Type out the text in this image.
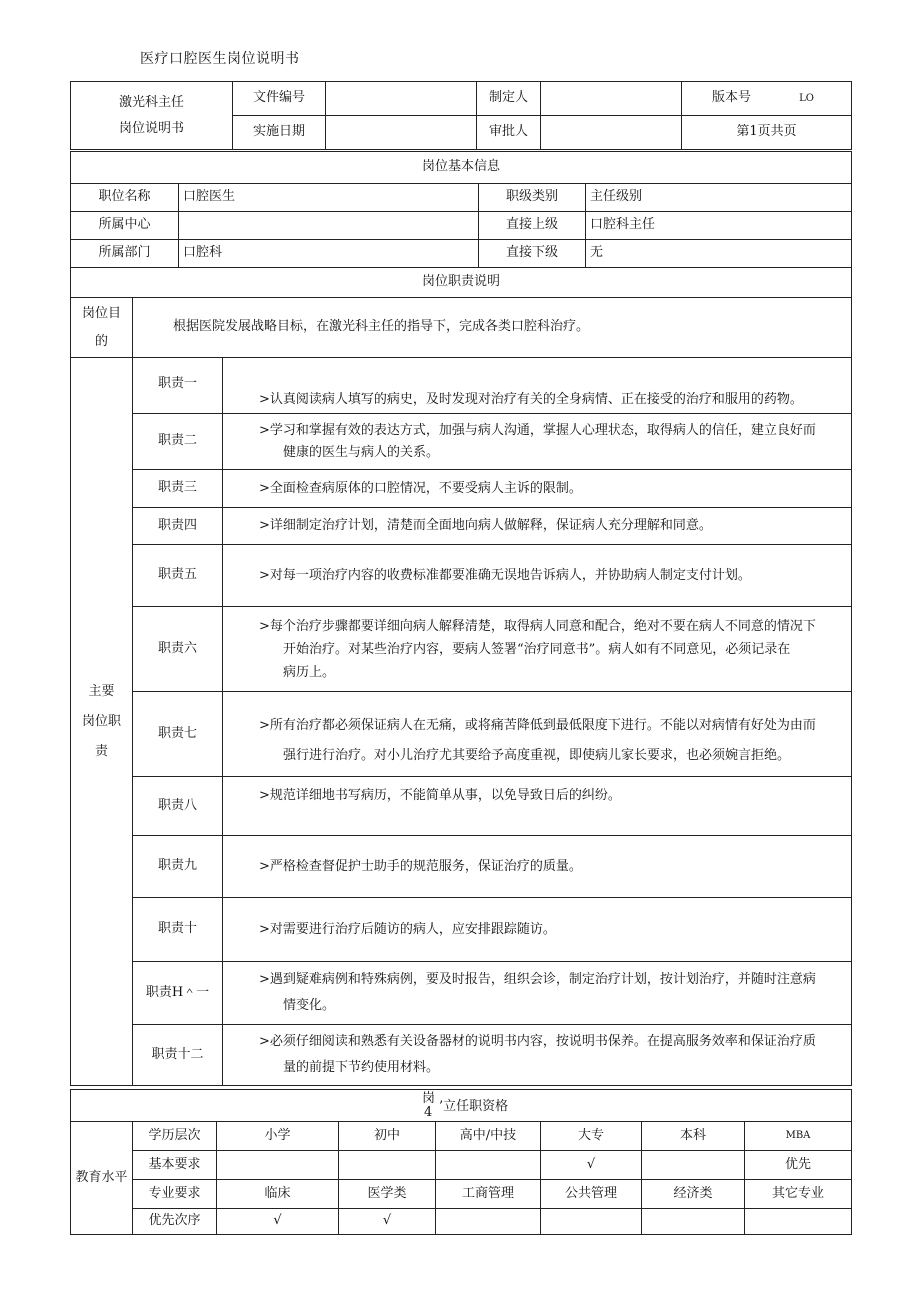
医疗口腔医生岗位说明书
激光科主任
岗位说明书	文件编号		制定人		版本号 LO
	实施日期		审批人		第1页共页
岗位基本信息			
职位名称	口腔医生	职级类别	主任级别
所属中心		直接上级	口腔科主任
所属部门	口腔科	直接下级	无
岗位职责说明			
岗位目
的
	根据医院发展战略目标，在激光科主任的指导下，完成各类口腔科治疗。
主要
岗位职
责	职责一	>认真阅读病人填写的病史，及时发现对治疗有关的全身病情、正在接受的治疗和服用的药物。

	职责二	>学习和掌握有效的表达方式，加强与病人沟通，掌握人心理状态，取得病人的信任，建立良好而

健康的医生与病人的关系。

	职责三	>全面检查病原体的口腔情况，不要受病人主诉的限制。

	职责四	>详细制定治疗计划，清楚而全面地向病人做解释，保证病人充分理解和同意。

	职责五	>对每一项治疗内容的收费标准都要准确无误地告诉病人，并协助病人制定支付计划。

	职责六	>每个治疗步骤都要详细向病人解释清楚，取得病人同意和配合，绝对不要在病人不同意的情况下

开始治疗。对某些治疗内容，要病人签署“治疗同意书”。病人如有不同意见，必须记录在

病历上。

	职责七	>所有治疗都必须保证病人在无痛，或将痛苦降低到最低限度下进行。不能以对病情有好处为由而

强行进行治疗。对小儿治疗尤其要给予高度重视，即使病儿家长要求，也必须婉言拒绝。

	职责八	>规范详细地书写病历，不能简单从事，以免导致日后的纠纷。

	职责九	>严格检查督促护士助手的规范服务，保证治疗的质量。

	职责十	>对需要进行治疗后随访的病人，应安排跟踪随访。

	职责H＾一	>遇到疑难病例和特殊病例，要及时报告，组织会诊，制定治疗计划，按计划治疗，并随时注意病

情变化。

	职责十二	>必须仔细阅读和熟悉有关设备器材的说明书内容，按说明书保养。在提高服务效率和保证治疗质

量的前提下节约使用材料。

岗
4 ’立任职资格							

教育水平	学历层次	小学	初中	高中/中技	大专	本科	MBA
	基本要求				√		优先
	专业要求	临床	医学类	工商管理	公共管理	经济类	其它专业
	优先次序	√	√				
